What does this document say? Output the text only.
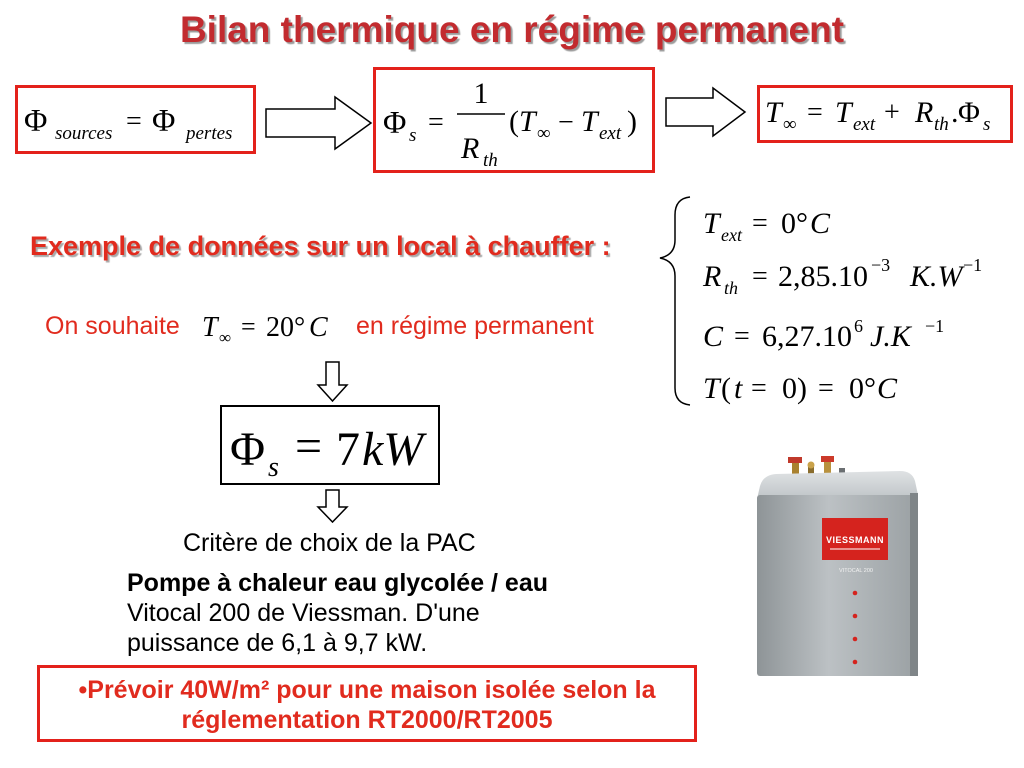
Φ sources = Φ pertes	Φ s =
1
R th
( T ∞ − T ext )	T ∞ = T ext + R th . Φ s
T ext = 0° C
R th = 2,85.10 −3 K.W −1
C = 6,27.10 6 J.K −1
T ( t = 0 ) = 0° C
T ∞ = 20° C
Φ s = 7 kW
VIESSMANN
VITOCAL 200
Bilan thermique en régime permanent
Exemple de données sur un local à chauffer :
On souhaite	en régime permanent
Critère de choix de la PAC
Pompe à chaleur eau glycolée / eau
Vitocal 200 de Viessman. D'une
puissance de 6,1 à 9,7 kW.
•Prévoir 40W/m² pour une maison isolée selon la
réglementation RT2000/RT2005
